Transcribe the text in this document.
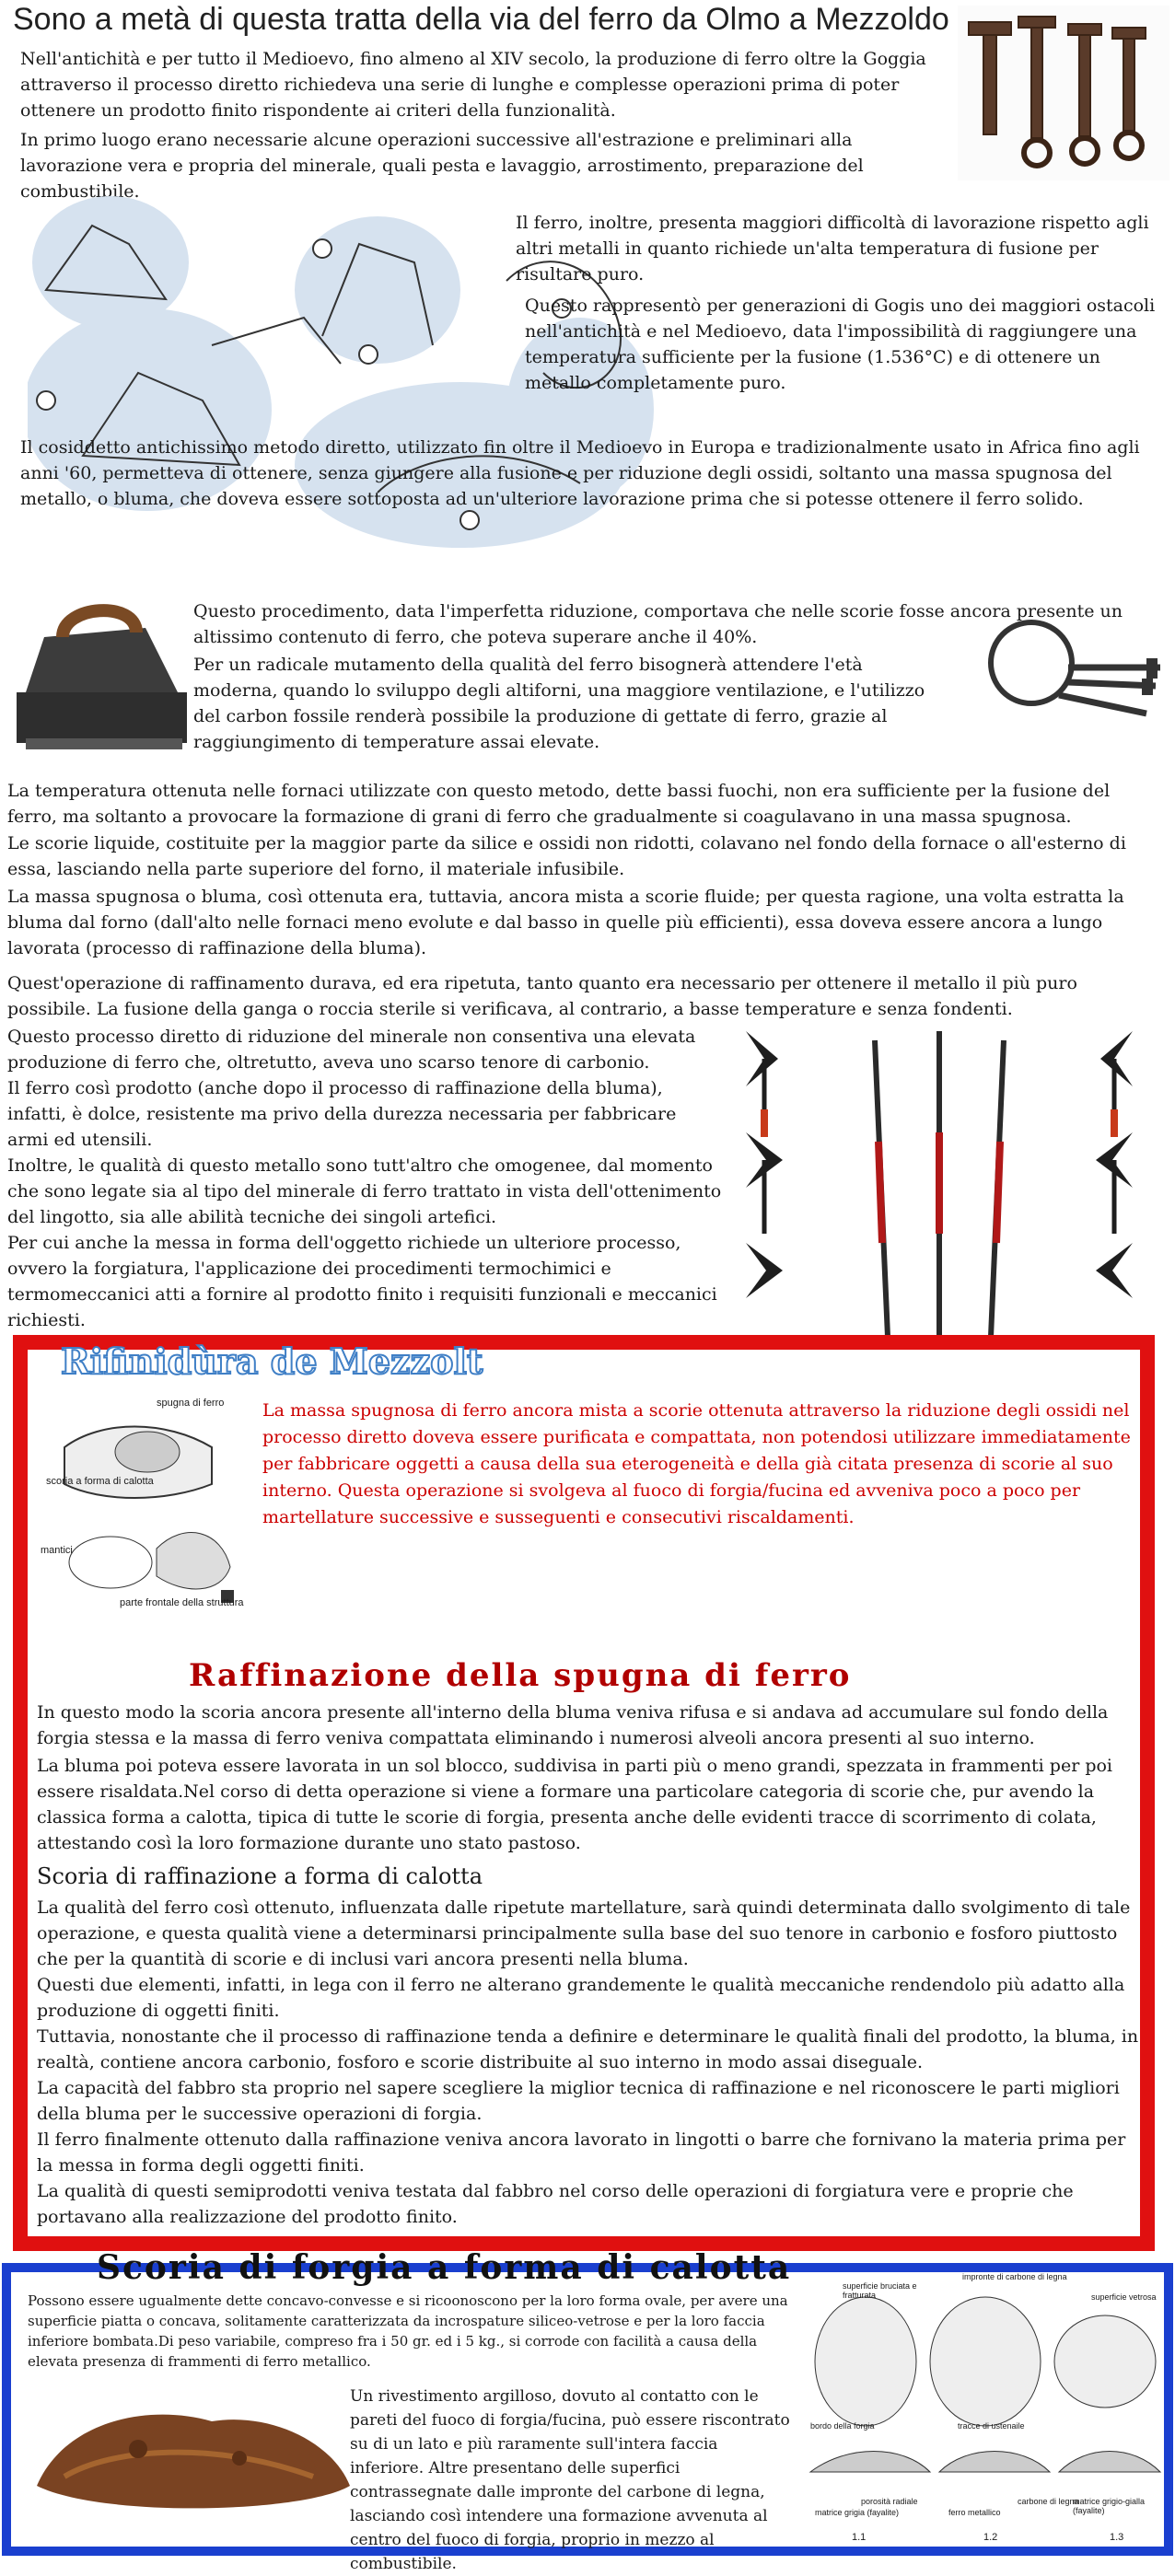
Sono a metà di questa tratta della via del ferro da Olmo a Mezzoldo

Nell'antichità e per tutto il Medioevo, fino almeno al XIV secolo, la produzione di ferro oltre la Goggia attraverso il processo diretto richiedeva una serie di lunghe e complesse operazioni prima di poter ottenere un prodotto finito rispondente ai criteri della funzionalità.

In primo luogo erano necessarie alcune operazioni successive all'estrazione e preliminari alla lavorazione vera e propria del minerale, quali pesta e lavaggio, arrostimento, preparazione del combustibile.

Il ferro, inoltre, presenta maggiori difficoltà di lavorazione rispetto agli altri metalli in quanto richiede un'alta temperatura di fusione per risultare puro.

Questo rappresentò per generazioni di Gogis uno dei maggiori ostacoli nell'antichità e nel Medioevo, data l'impossibilità di raggiungere una temperatura sufficiente per la fusione (1.536°C) e di ottenere un metallo completamente puro.

Il cosiddetto antichissimo metodo diretto, utilizzato fin oltre il Medioevo in Europa e tradizionalmente usato in Africa fino agli anni '60, permetteva di ottenere, senza giungere alla fusione e per riduzione degli ossidi, soltanto una massa spugnosa del metallo, o bluma, che doveva essere sottoposta ad un'ulteriore lavorazione prima che si potesse ottenere il ferro solido.

Questo procedimento, data l'imperfetta riduzione, comportava che nelle scorie fosse ancora presente un altissimo contenuto di ferro, che poteva superare anche il 40%.

Per un radicale mutamento della qualità del ferro bisognerà attendere l'età moderna, quando lo sviluppo degli altiforni, una maggiore ventilazione, e l'utilizzo del carbon fossile renderà possibile la produzione di gettate di ferro, grazie al raggiungimento di temperature assai elevate.

La temperatura ottenuta nelle fornaci utilizzate con questo metodo, dette bassi fuochi, non era sufficiente per la fusione del ferro, ma soltanto a provocare la formazione di grani di ferro che gradualmente si coagulavano in una massa spugnosa.

Le scorie liquide, costituite per la maggior parte da silice e ossidi non ridotti, colavano nel fondo della fornace o all'esterno di essa, lasciando nella parte superiore del forno, il materiale infusibile.

La massa spugnosa o bluma, così ottenuta era, tuttavia, ancora mista a scorie fluide; per questa ragione, una volta estratta la bluma dal forno (dall'alto nelle fornaci meno evolute e dal basso in quelle più efficienti), essa doveva essere ancora a lungo lavorata (processo di raffinazione della bluma).

Quest'operazione di raffinamento durava, ed era ripetuta, tanto quanto era necessario per ottenere il metallo il più puro possibile. La fusione della ganga o roccia sterile si verificava, al contrario, a basse temperature e senza fondenti.

Questo processo diretto di riduzione del minerale non consentiva una elevata produzione di ferro che, oltretutto, aveva uno scarso tenore di carbonio.

Il ferro così prodotto (anche dopo il processo di raffinazione della bluma), infatti, è dolce, resistente ma privo della durezza necessaria per fabbricare armi ed utensili.

Inoltre, le qualità di questo metallo sono tutt'altro che omogenee, dal momento che sono legate sia al tipo del minerale di ferro trattato in vista dell'ottenimento del lingotto, sia alle abilità tecniche dei singoli artefici.

Per cui anche la messa in forma dell'oggetto richiede un ulteriore processo, ovvero la forgiatura, l'applicazione dei procedimenti termochimici e termomeccanici atti a fornire al prodotto finito i requisiti funzionali e meccanici richiesti.

Rifinidùra de Mezzolt
spugna di ferro
scoria a forma di calotta
mantici
parte frontale della struttura

La massa spugnosa di ferro ancora mista a scorie ottenuta attraverso la riduzione degli ossidi nel processo diretto doveva essere purificata e compattata, non potendosi utilizzare immediatamente per fabbricare oggetti a causa della sua eterogeneità e della già citata presenza di scorie al suo interno. Questa operazione si svolgeva al fuoco di forgia/fucina ed avveniva poco a poco per martellature successive e susseguenti e consecutivi riscaldamenti.

Raffinazione della spugna di ferro

In questo modo la scoria ancora presente all'interno della bluma veniva rifusa e si andava ad accumulare sul fondo della forgia stessa e la massa di ferro veniva compattata eliminando i numerosi alveoli ancora presenti al suo interno.

La bluma poi poteva essere lavorata in un sol blocco, suddivisa in parti più o meno grandi, spezzata in frammenti per poi essere risaldata.Nel corso di detta operazione si viene a formare una particolare categoria di scorie che, pur avendo la classica forma a calotta, tipica di tutte le scorie di forgia, presenta anche delle evidenti tracce di scorrimento di colata, attestando così la loro formazione durante uno stato pastoso.

Scoria di raffinazione a forma di calotta

La qualità del ferro così ottenuto, influenzata dalle ripetute martellature, sarà quindi determinata dallo svolgimento di tale operazione, e questa qualità viene a determinarsi principalmente sulla base del suo tenore in carbonio e fosforo piuttosto che per la quantità di scorie e di inclusi vari ancora presenti nella bluma.

Questi due elementi, infatti, in lega con il ferro ne alterano grandemente le qualità meccaniche rendendolo più adatto alla produzione di oggetti finiti.

Tuttavia, nonostante che il processo di raffinazione tenda a definire e determinare le qualità finali del prodotto, la bluma, in realtà, contiene ancora carbonio, fosforo e scorie distribuite al suo interno in modo assai diseguale.

La capacità del fabbro sta proprio nel sapere scegliere la miglior tecnica di raffinazione e nel riconoscere le parti migliori della bluma per le successive operazioni di forgia.

Il ferro finalmente ottenuto dalla raffinazione veniva ancora lavorato in lingotti o barre che fornivano la materia prima per la messa in forma degli oggetti finiti.

La qualità di questi semiprodotti veniva testata dal fabbro nel corso delle operazioni di forgiatura vere e proprie che portavano alla realizzazione del prodotto finito.

Scoria di forgia a forma di calotta

Possono essere ugualmente dette concavo-convesse e si ricoonoscono per la loro forma ovale, per avere una superficie piatta o concava, solitamente caratterizzata da incrospature siliceo-vetrose e per la loro faccia inferiore bombata.Di peso variabile, compreso fra i 50 gr. ed i 5 kg., si corrode con facilità a causa della elevata presenza di frammenti di ferro metallico.

Un rivestimento argilloso, dovuto al contatto con le pareti del fuoco di forgia/fucina, può essere riscontrato su di un lato e più raramente sull'intera faccia inferiore. Altre presentano delle superfici contrassegnate dalle impronte del carbone di legna, lasciando così intendere una formazione avvenuta al centro del fuoco di forgia, proprio in mezzo al combustibile.

superficie bruciata e fratturata
impronte di carbone di legna
superficie vetrosa
bordo della forgia	tracce di ustenaile
porosità radiale
matrice grigia (fayalite)	ferro metallico
carbone di legna
matrice grigio-gialla (fayalite)
1.1	1.2	1.3
